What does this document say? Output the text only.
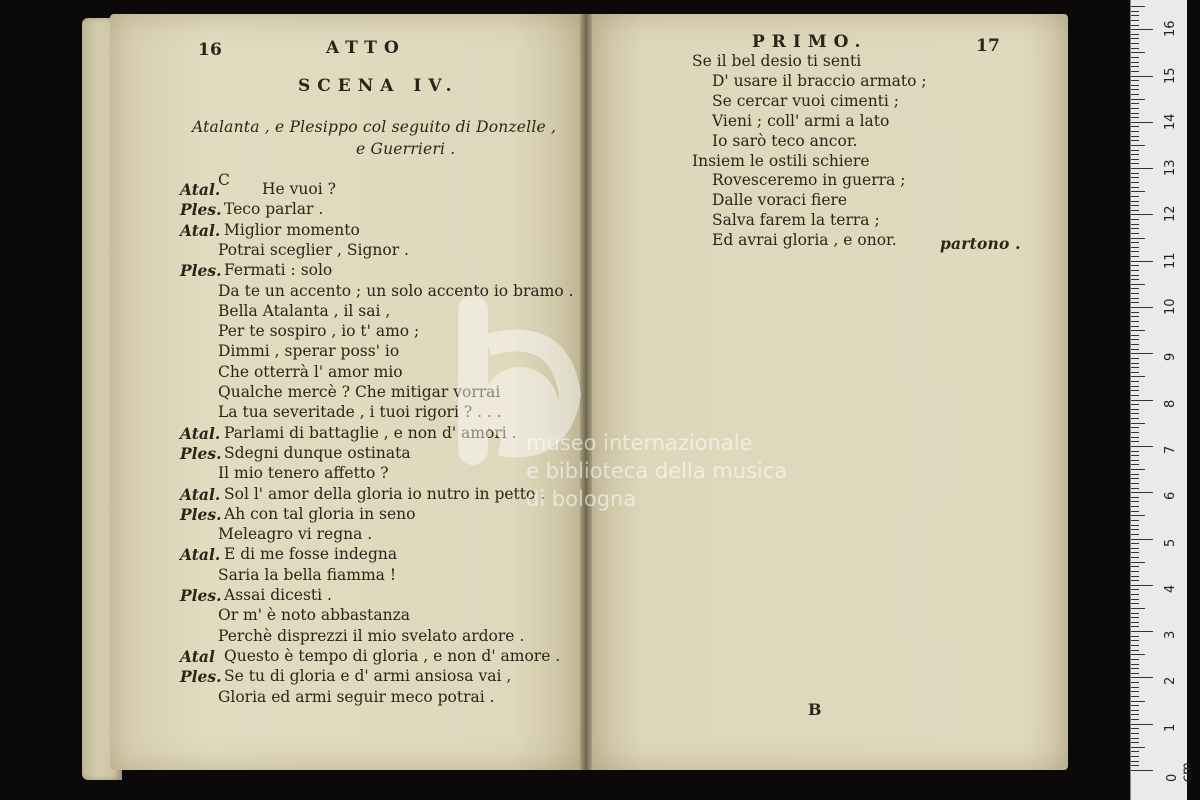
16	ATTO
SCENA IV.
Atalanta , e Plesippo col seguito di Donzelle ,
e Guerrieri .
Atal.
C He vuoi ?
Ples. Teco parlar .
Atal. Miglior momento
Potrai sceglier , Signor .
Ples. Fermati : solo
Da te un accento ; un solo accento io bramo .
Bella Atalanta , il sai ,
Per te sospiro , io t' amo ;
Dimmi , sperar poss' io
Che otterrà l' amor mio
Qualche mercè ? Che mitigar vorrai
La tua severitade , i tuoi rigori ? . . .
Atal. Parlami di battaglie , e non d' amori .
Ples. Sdegni dunque ostinata
Il mio tenero affetto ?
Atal. Sol l' amor della gloria io nutro in petto .
Ples. Ah con tal gloria in seno
Meleagro vi regna .
Atal. E di me fosse indegna
Saria la bella fiamma !
Ples. Assai dicesti .
Or m' è noto abbastanza
Perchè disprezzi il mio svelato ardore .
Atal Questo è tempo di gloria , e non d' amore .
Ples. Se tu di gloria e d' armi ansiosa vai ,
Gloria ed armi seguir meco potrai .
PRIMO.	17
Se il bel desio ti senti
D' usare il braccio armato ;
Se cercar vuoi cimenti ;
Vieni ; coll' armi a lato
Io sarò teco ancor.
Insiem le ostili schiere
Rovesceremo in guerra ;
Dalle voraci fiere
Salva farem la terra ;
Ed avrai gloria , e onor.	partono .
B
museo internazionale
e biblioteca della musica
di bologna
0 cm
1
2
3
4
5
6
7
8
9
10
11
12
13
14
15
16
